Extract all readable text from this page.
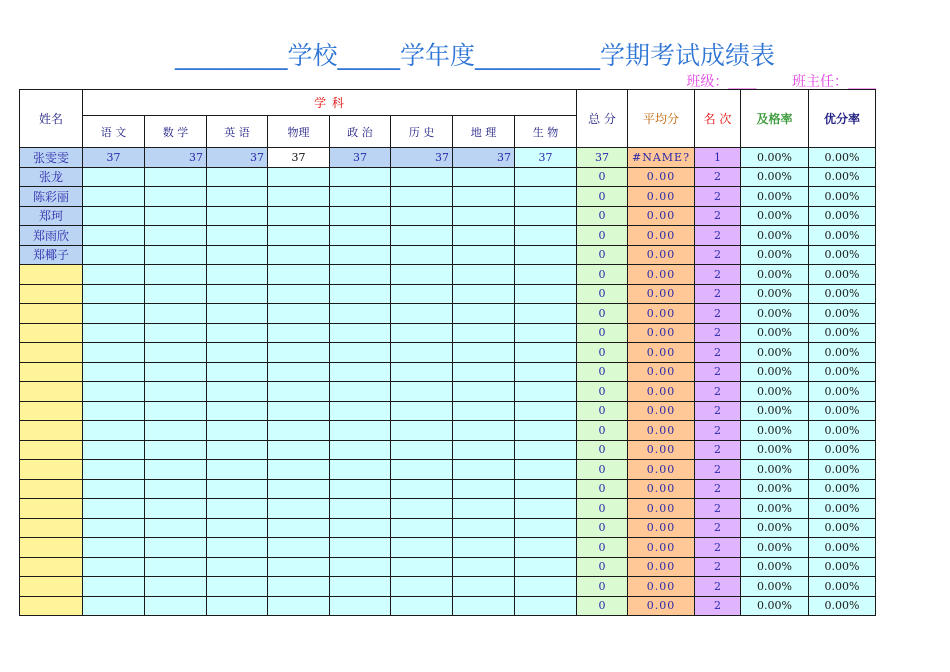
_________学校_____学年度__________学期考试成绩表
班级：____	班主任：____
姓名	学 科								总 分	平均分	名 次	及格率	优分率
	语 文	数 学	英 语	物理	政 治	历 史	地 理	生 物					
张雯雯	37	37	37	37	37	37	37	37	37	#NAME?	1	0.00%	0.00%
张龙									0	0.00	2	0.00%	0.00%
陈彩丽									0	0.00	2	0.00%	0.00%
郑珂									0	0.00	2	0.00%	0.00%
郑雨欣									0	0.00	2	0.00%	0.00%
郑椰子									0	0.00	2	0.00%	0.00%
									0	0.00	2	0.00%	0.00%
									0	0.00	2	0.00%	0.00%
									0	0.00	2	0.00%	0.00%
									0	0.00	2	0.00%	0.00%
									0	0.00	2	0.00%	0.00%
									0	0.00	2	0.00%	0.00%
									0	0.00	2	0.00%	0.00%
									0	0.00	2	0.00%	0.00%
									0	0.00	2	0.00%	0.00%
									0	0.00	2	0.00%	0.00%
									0	0.00	2	0.00%	0.00%
									0	0.00	2	0.00%	0.00%
									0	0.00	2	0.00%	0.00%
									0	0.00	2	0.00%	0.00%
									0	0.00	2	0.00%	0.00%
									0	0.00	2	0.00%	0.00%
									0	0.00	2	0.00%	0.00%
									0	0.00	2	0.00%	0.00%
